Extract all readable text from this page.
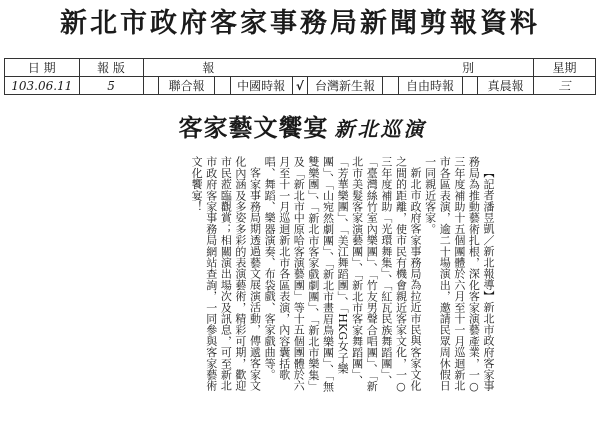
新北市政府客家事務局新聞剪報資料
日 期	報 版	報 別										星期
103.06.11	5		聯合報		中國時報	√	台灣新生報		自由時報		真晨報	三
客家藝文饗宴 新北巡演

【記者潘昱凱／新北報導】新北市政府客家事務局為推動藝術扎根，深化客家演藝產業，一○三年度補助十五個團體於六月至十一月巡迴新北市各區表演，逾二十場演出，邀請民眾周休假日一同親近客家。

新北市政府客家事務局為拉近市民與客家文化之間的距離，使市民有機會親近客家文化，一○三年度補助「光環舞集」、「紅瓦民族舞蹈團」、「臺灣絲竹室內樂團」、「竹友男聲合唱團」、「新北市美髮客家演藝團」、「新北市客家舞蹈團」、「芳華樂團」、「美江舞蹈團」、「HKG女子樂團」、「山宛然劇團」、「新北市畫眉鳥樂團」、「無雙樂團」、「新北市客家戲劇團」、「新北市樂集」及「新北市中原哈客演藝團」等十五個團體於六月至十一月巡迴新北市各區表演，內容囊括歌唱、舞蹈、樂器演奏、布袋戲、客家戲曲等。

客家事務局期透過藝文展演活動，傳遞客家文化內涵及多姿多彩的表演藝術，精彩可期，歡迎市民蒞臨觀賞；相關演出場次及訊息，可至新北市政府客家事務局網站查詢，一同參與客家藝術文化饗宴！
